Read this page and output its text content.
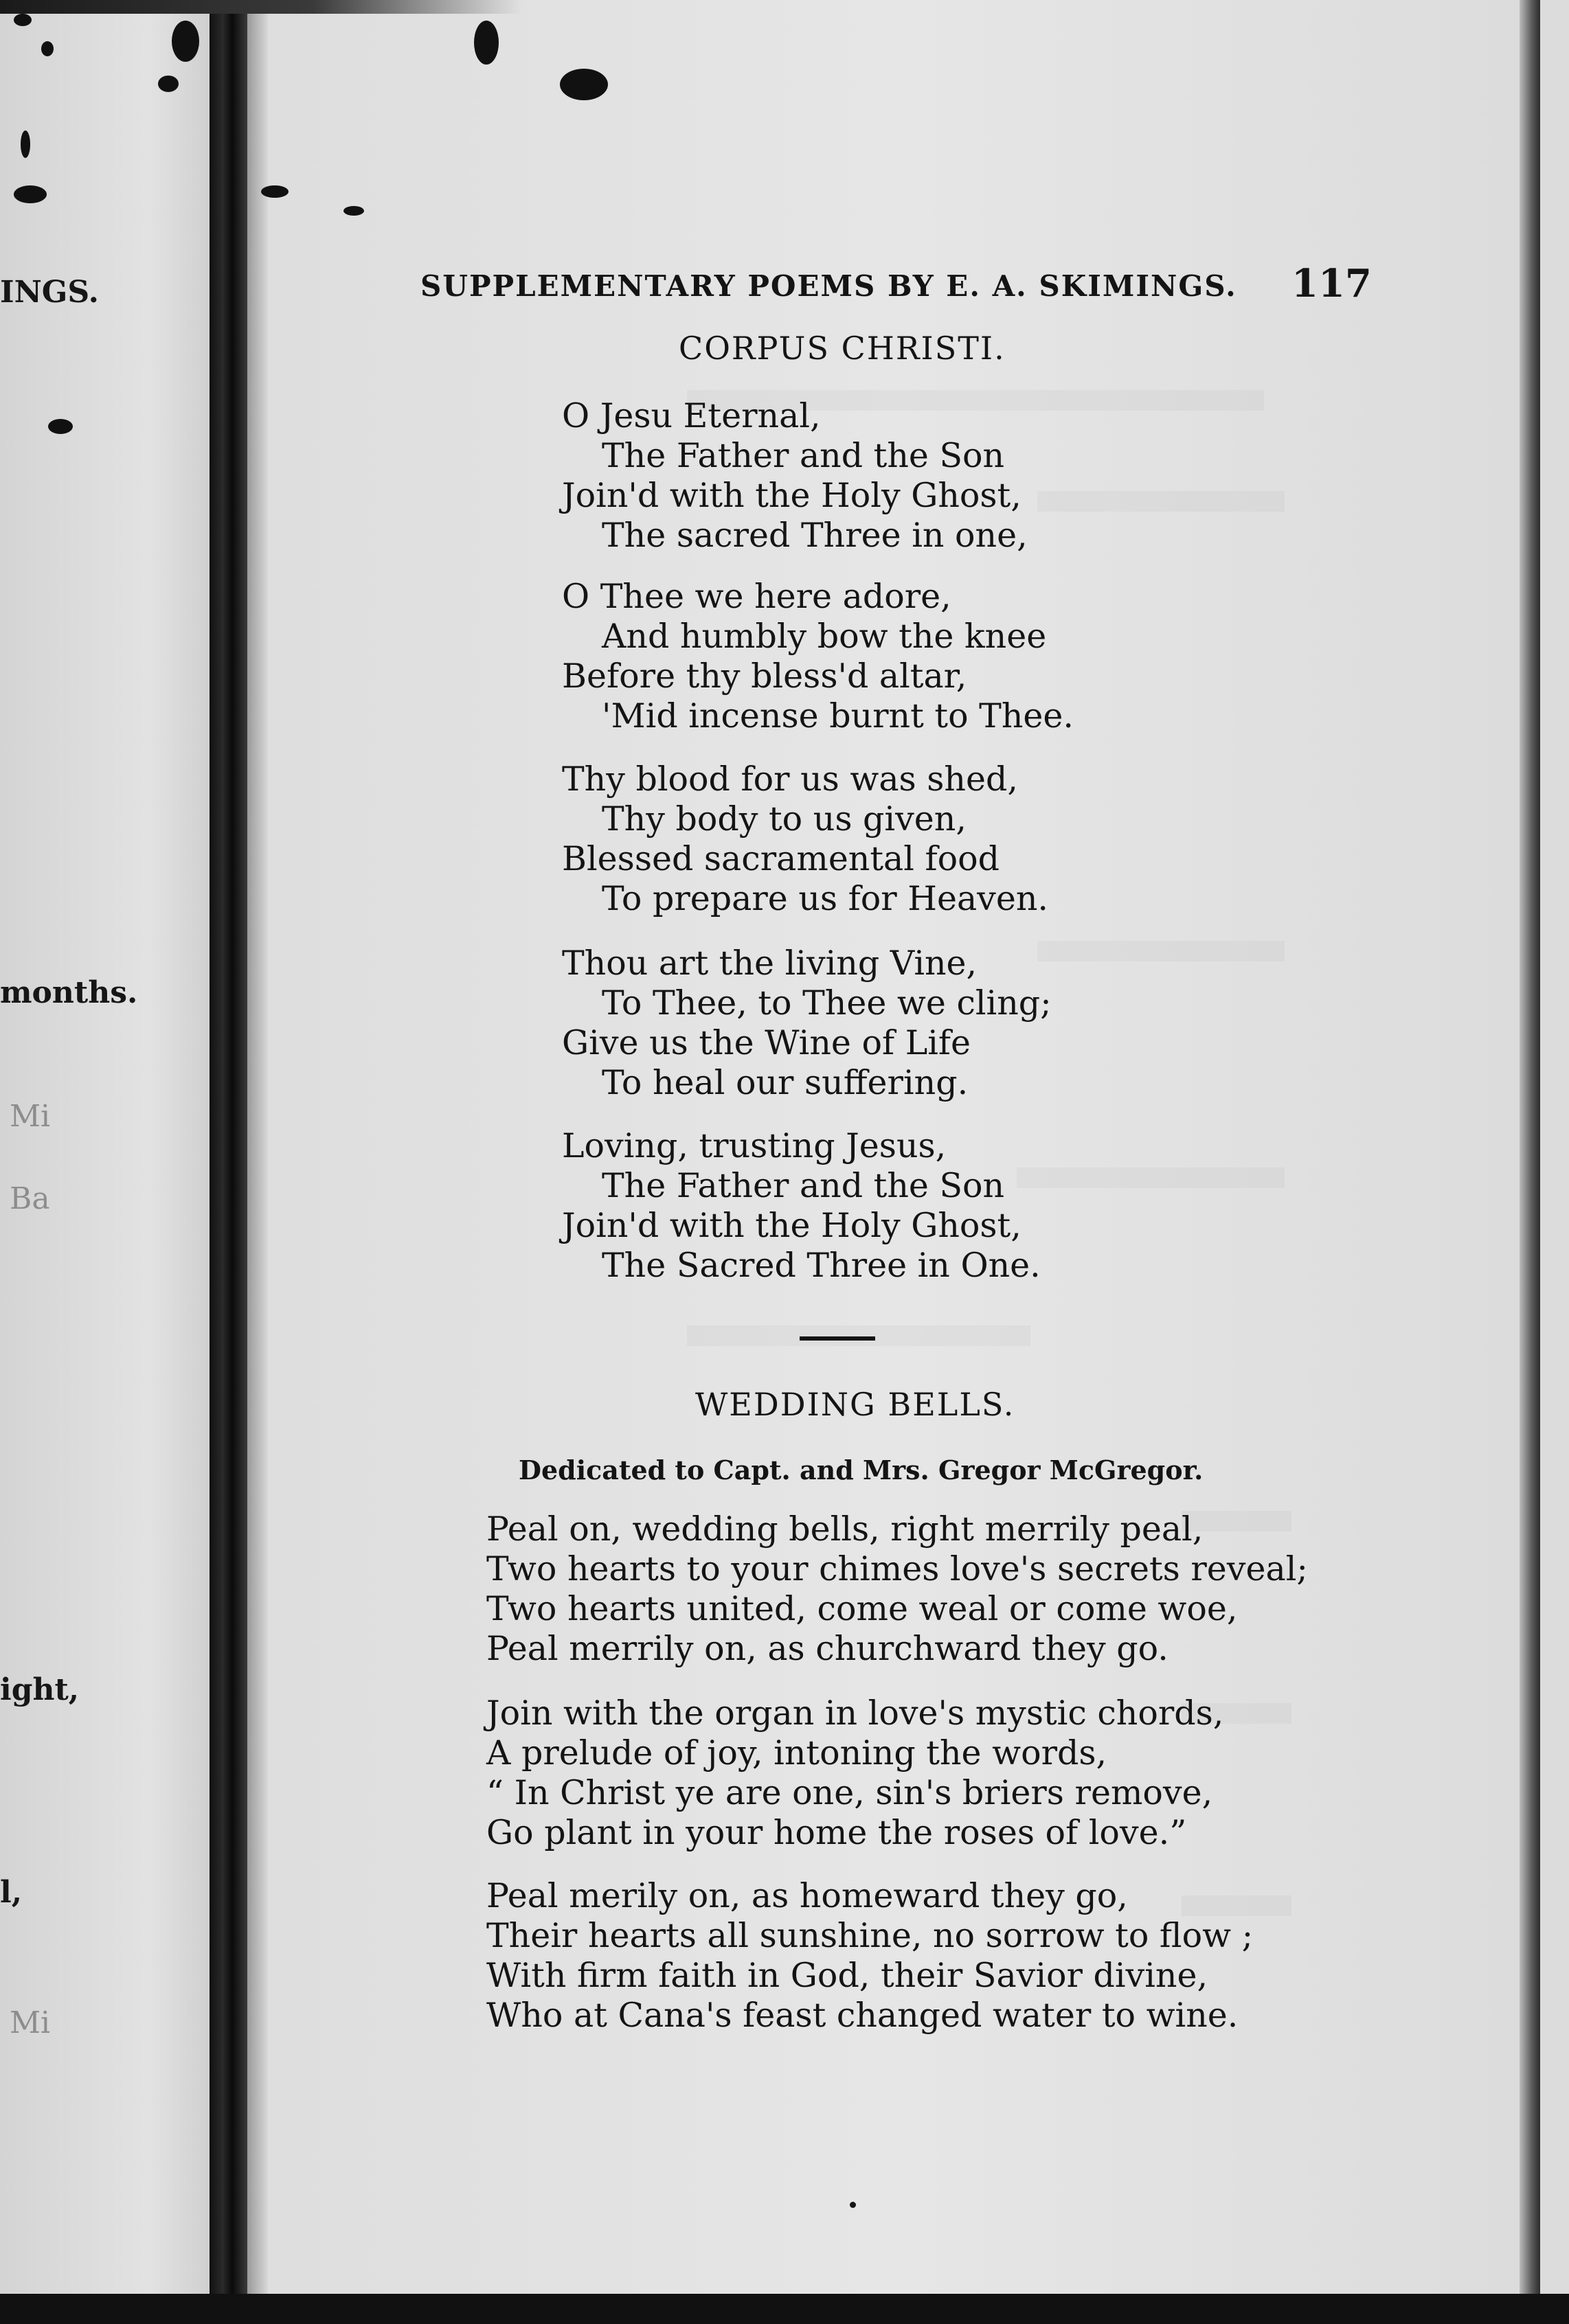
INGS.
months.
ight,
l,
Mi
Ba
Mi
SUPPLEMENTARY POEMS BY E. A. SKIMINGS. 117
CORPUS CHRISTI.
O Jesu Eternal,
The Father and the Son
Join'd with the Holy Ghost,
The sacred Three in one,
O Thee we here adore,
And humbly bow the knee
Before thy bless'd altar,
'Mid incense burnt to Thee.
Thy blood for us was shed,
Thy body to us given,
Blessed sacramental food
To prepare us for Heaven.
Thou art the living Vine,
To Thee, to Thee we cling;
Give us the Wine of Life
To heal our suffering.
Loving, trusting Jesus,
The Father and the Son
Join'd with the Holy Ghost,
The Sacred Three in One.
WEDDING BELLS.
Dedicated to Capt. and Mrs. Gregor McGregor.
Peal on, wedding bells, right merrily peal,
Two hearts to your chimes love's secrets reveal;
Two hearts united, come weal or come woe,
Peal merrily on, as churchward they go.
Join with the organ in love's mystic chords,
A prelude of joy, intoning the words,
“ In Christ ye are one, sin's briers remove,
Go plant in your home the roses of love.”
Peal merily on, as homeward they go,
Their hearts all sunshine, no sorrow to flow ;
With firm faith in God, their Savior divine,
Who at Cana's feast changed water to wine.
